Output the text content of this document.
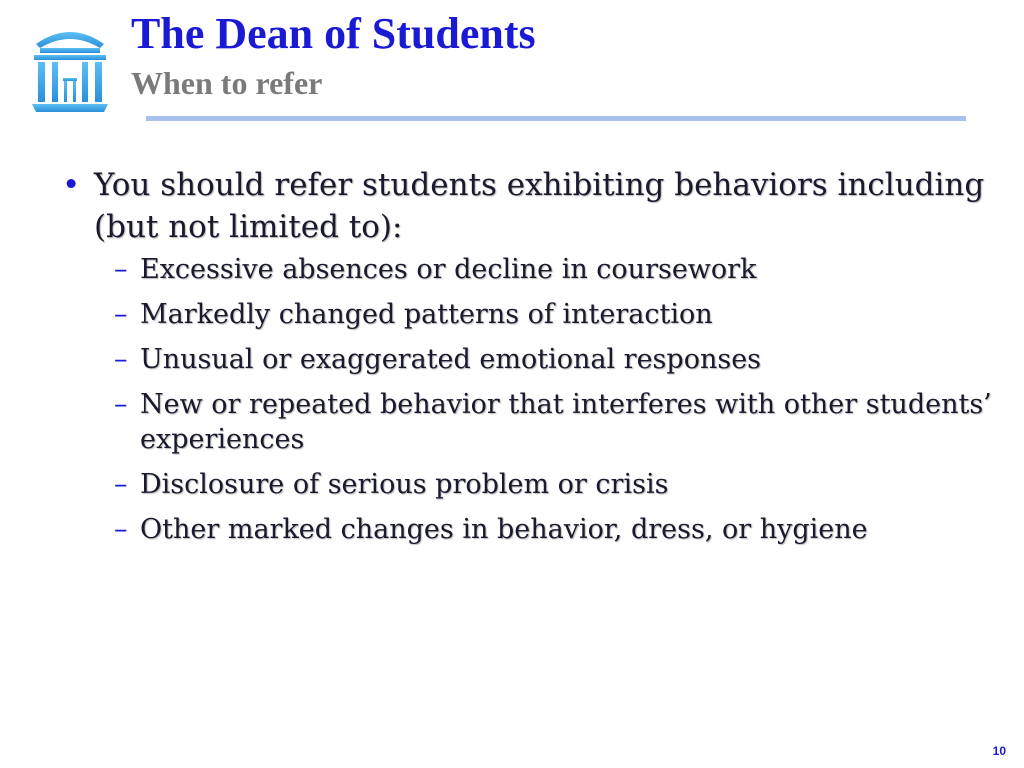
The Dean of Students
When to refer
• You should refer students exhibiting behaviors including (but not limited to):
– Excessive absences or decline in coursework
– Markedly changed patterns of interaction
– Unusual or exaggerated emotional responses
– New or repeated behavior that interferes with other students’ experiences
– Disclosure of serious problem or crisis
– Other marked changes in behavior, dress, or hygiene
10
